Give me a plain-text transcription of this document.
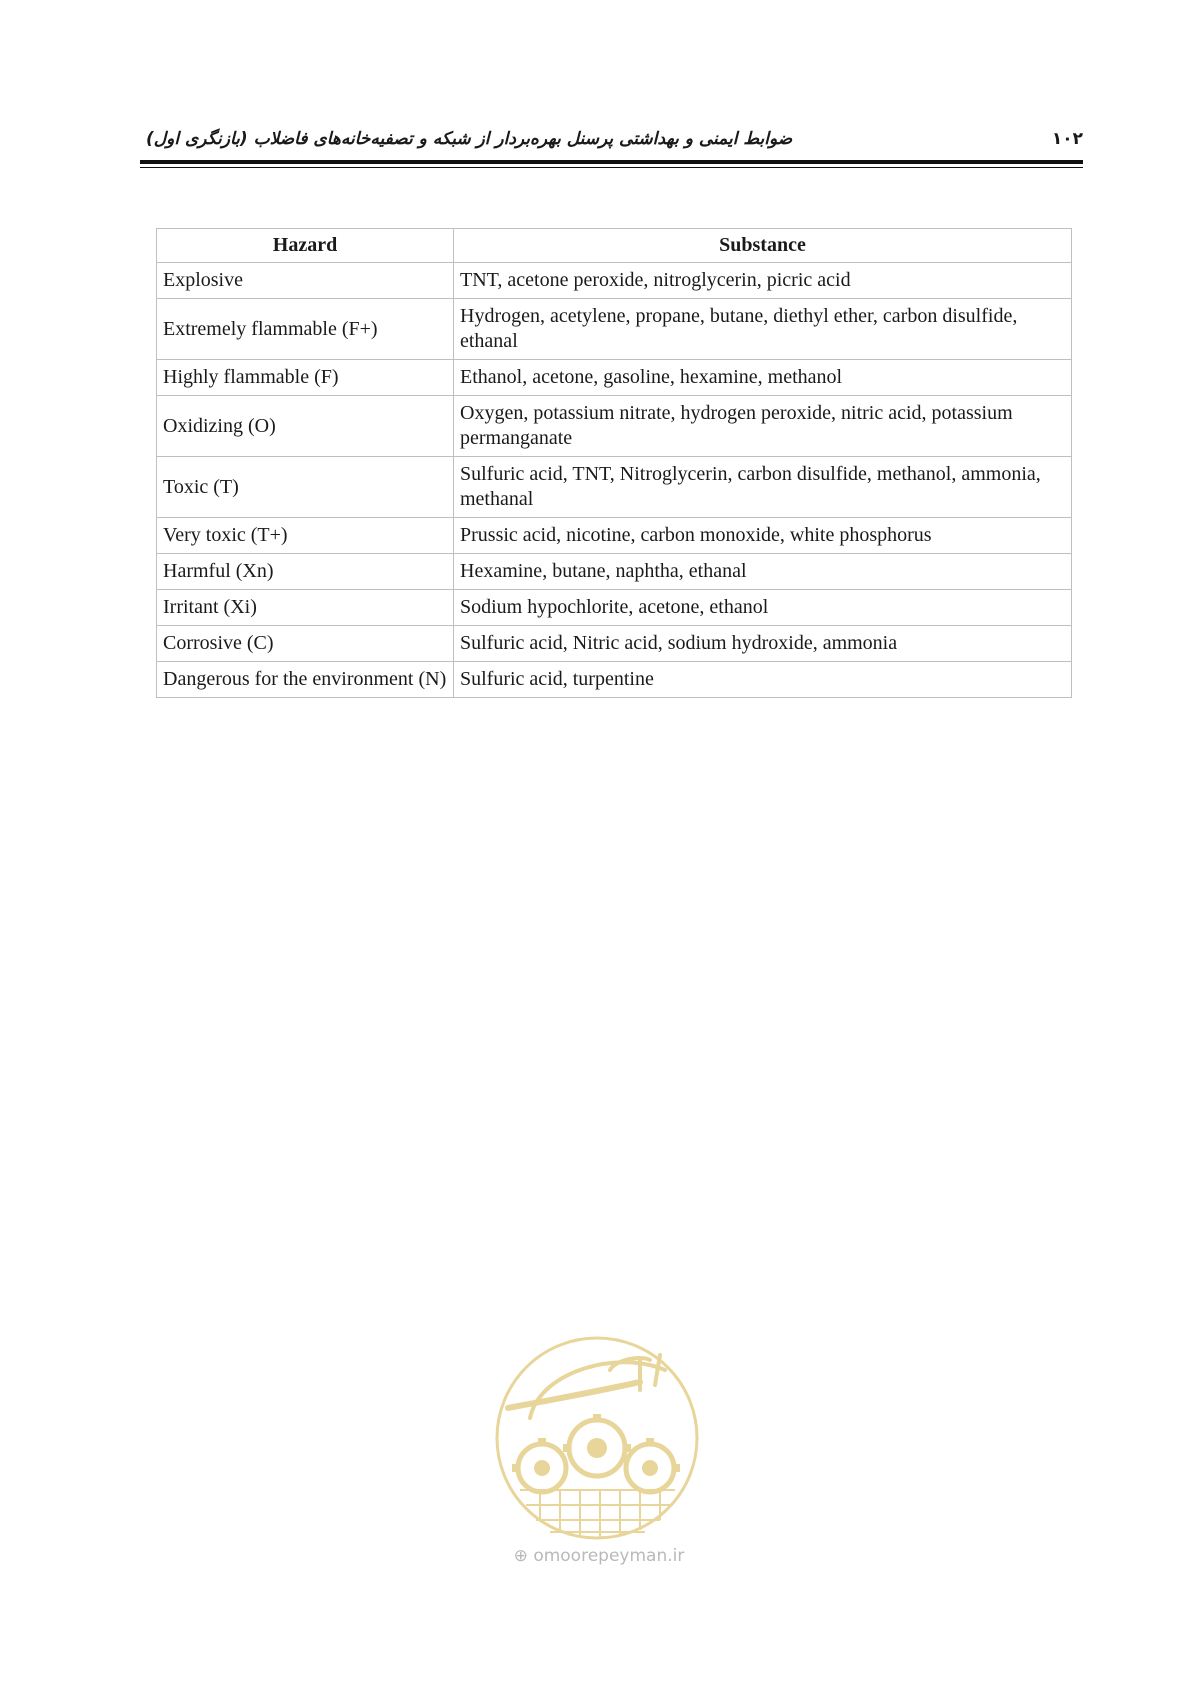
ضوابط ایمنی و بهداشتی پرسنل بهره‌بردار از شبکه و تصفیه‌خانه‌های فاضلاب (بازنگری اول)	۱۰۲
Hazard	Substance
Explosive	TNT, acetone peroxide, nitroglycerin, picric acid
Extremely flammable (F+)	Hydrogen, acetylene, propane, butane, diethyl ether, carbon disulfide, ethanal
Highly flammable (F)	Ethanol, acetone, gasoline, hexamine, methanol
Oxidizing (O)	Oxygen, potassium nitrate, hydrogen peroxide, nitric acid, potassium permanganate
Toxic (T)	Sulfuric acid, TNT, Nitroglycerin, carbon disulfide, methanol, ammonia, methanal
Very toxic (T+)	Prussic acid, nicotine, carbon monoxide, white phosphorus
Harmful (Xn)	Hexamine, butane, naphtha, ethanal
Irritant (Xi)	Sodium hypochlorite, acetone, ethanol
Corrosive (C)	Sulfuric acid, Nitric acid, sodium hydroxide, ammonia
Dangerous for the environment (N)	Sulfuric acid, turpentine
⊕ omoorepeyman.ir
